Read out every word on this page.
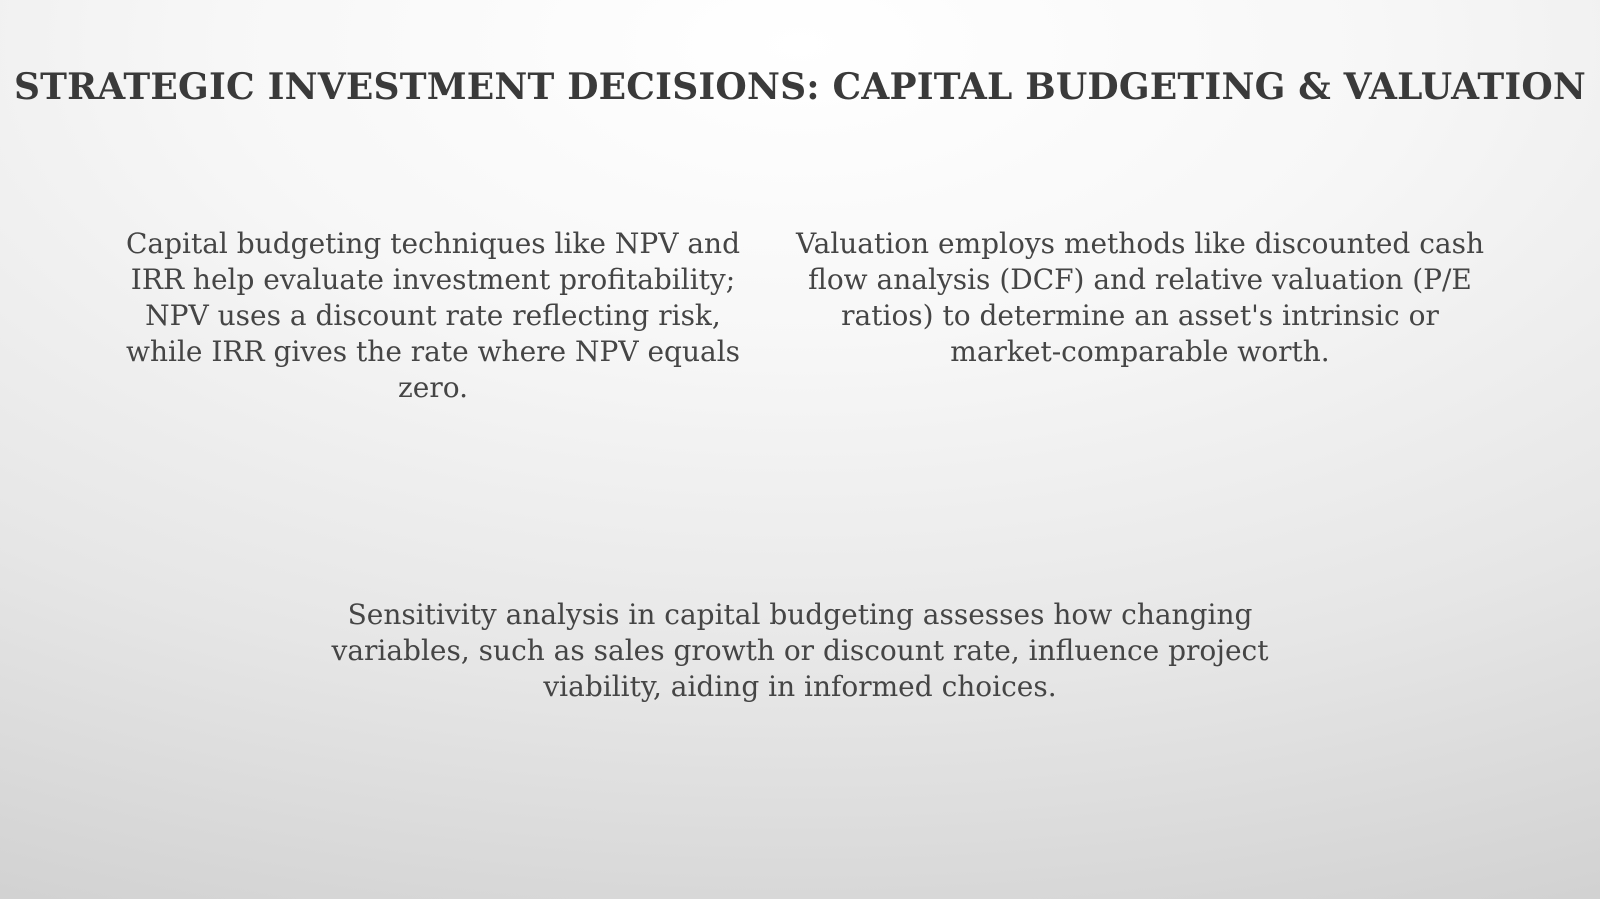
STRATEGIC INVESTMENT DECISIONS: CAPITAL BUDGETING & VALUATION
Capital budgeting techniques like NPV and IRR help evaluate investment profitability; NPV uses a discount rate reflecting risk, while IRR gives the rate where NPV equals zero.
Valuation employs methods like discounted cash flow analysis (DCF) and relative valuation (P/E ratios) to determine an asset's intrinsic or market-comparable worth.
Sensitivity analysis in capital budgeting assesses how changing variables, such as sales growth or discount rate, influence project viability, aiding in informed choices.
